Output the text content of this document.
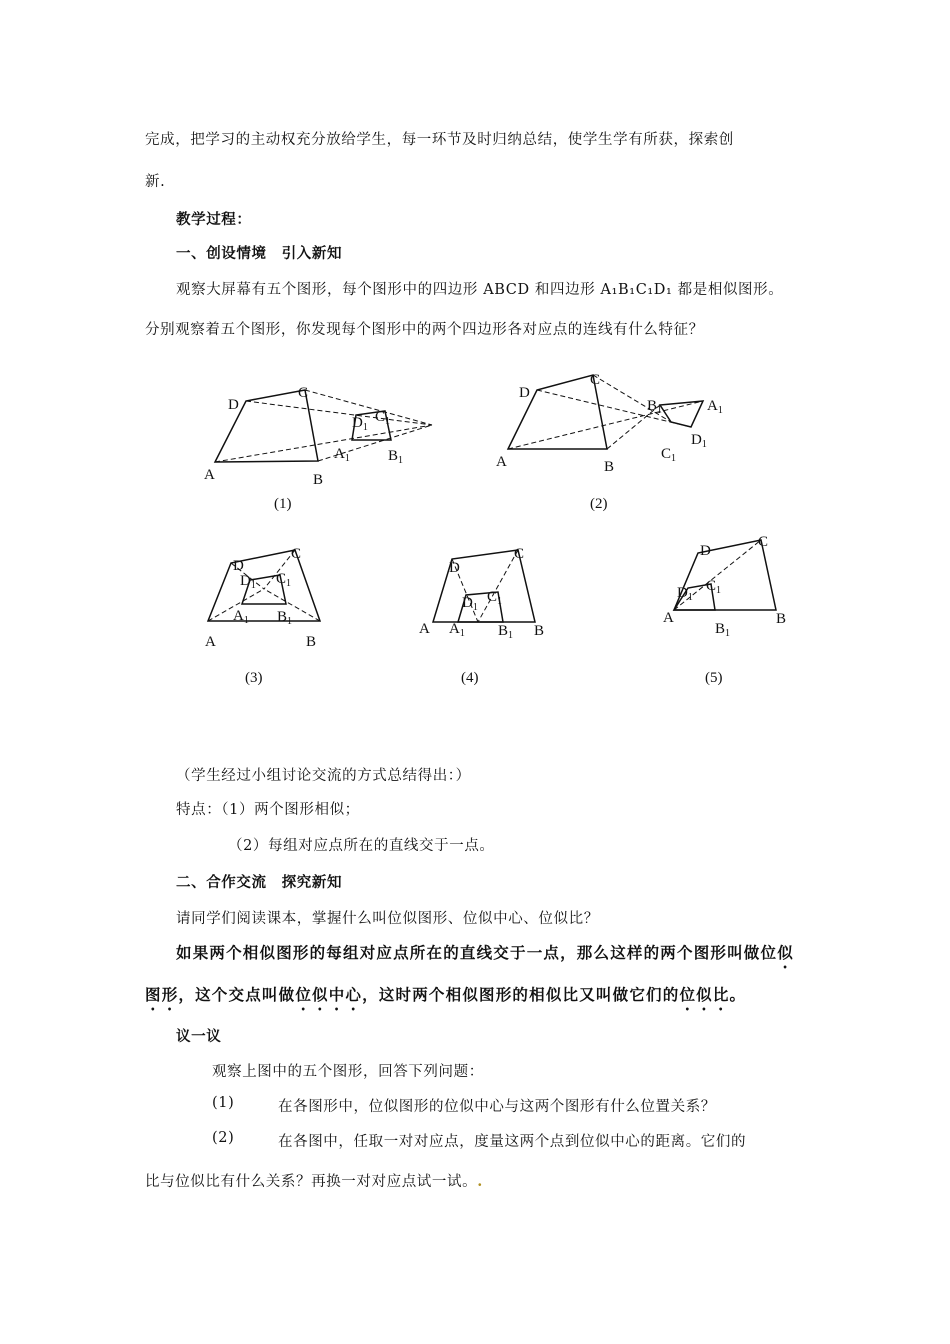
完成，把学习的主动权充分放给学生，每一环节及时归纳总结，使学生学有所获，探索创
新.
教学过程：
一、创设情境　引入新知
观察大屏幕有五个图形，每个图形中的四边形 ABCD 和四边形 A₁B₁C₁D₁ 都是相似图形。
分别观察着五个图形，你发现每个图形中的两个四边形各对应点的连线有什么特征？
A	B
C
D
$A_1$	$B_1$
$C_1$
$D_1$
A	B
C
D
$A_1$
$B_1$
$C_1$
$D_1$
A	B
C
D
$A_1$ $B_1$
$C_1$
$D_1$
A	B
C
D
$A_1$ $B_1$
$C_1$
$D_1$
A	B
C
D
$B_1$
$C_1$
$D_1$
(1)	(2)
(3)	(4)	(5)
（学生经过小组讨论交流的方式总结得出：）
特点：（1）两个图形相似；
（2）每组对应点所在的直线交于一点。
二、合作交流　探究新知
请同学们阅读课本，掌握什么叫位似图形、位似中心、位似比？
如果两个相似图形的每组对应点所在的直线交于一点，那么这样的两个图形叫做位似
图形，这个交点叫做位似中心，这时两个相似图形的相似比又叫做它们的位似比。
议一议
观察上图中的五个图形，回答下列问题：
(1)	在各图形中，位似图形的位似中心与这两个图形有什么位置关系？
(2)	在各图中，任取一对对应点，度量这两个点到位似中心的距离。它们的
比与位似比有什么关系？再换一对对应点试一试。.
